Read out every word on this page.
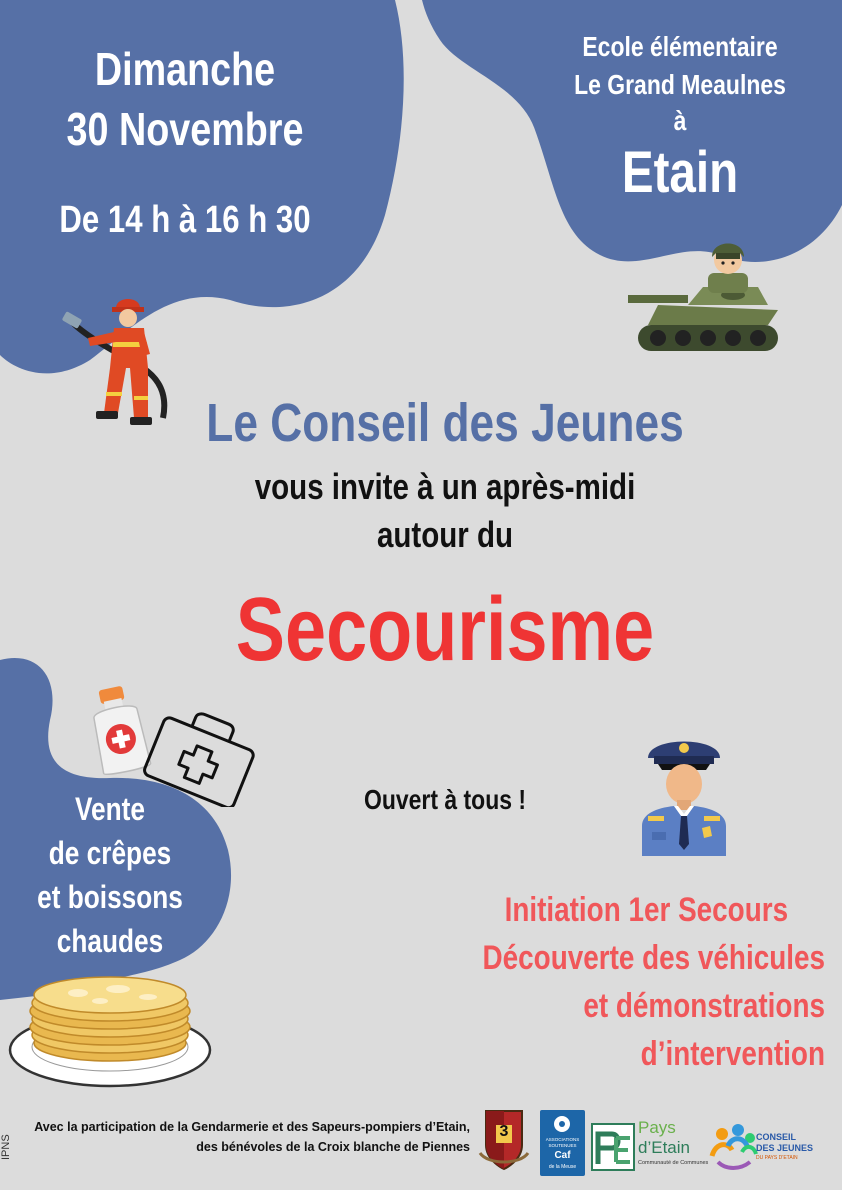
Dimanche
30 Novembre
De 14 h à 16 h 30
Ecole élémentaire
Le Grand Meaulnes
à
Etain
Le Conseil des Jeunes
vous invite à un après-midi
autour du
Secourisme
Vente
de crêpes
et boissons
chaudes
Ouvert à tous !
Initiation 1er Secours
Découverte des véhicules
et démonstrations d’intervention
IPNS
Avec la participation de la Gendarmerie et des Sapeurs-pompiers d’Etain,
des bénévoles de la Croix blanche de Piennes
3	ASSOCIATIONS
SOUTENUES
Caf
de la Meuse
Pays
d’Etain
Communauté de Communes
CONSEIL
DES JEUNES
DU PAYS D’ETAIN
